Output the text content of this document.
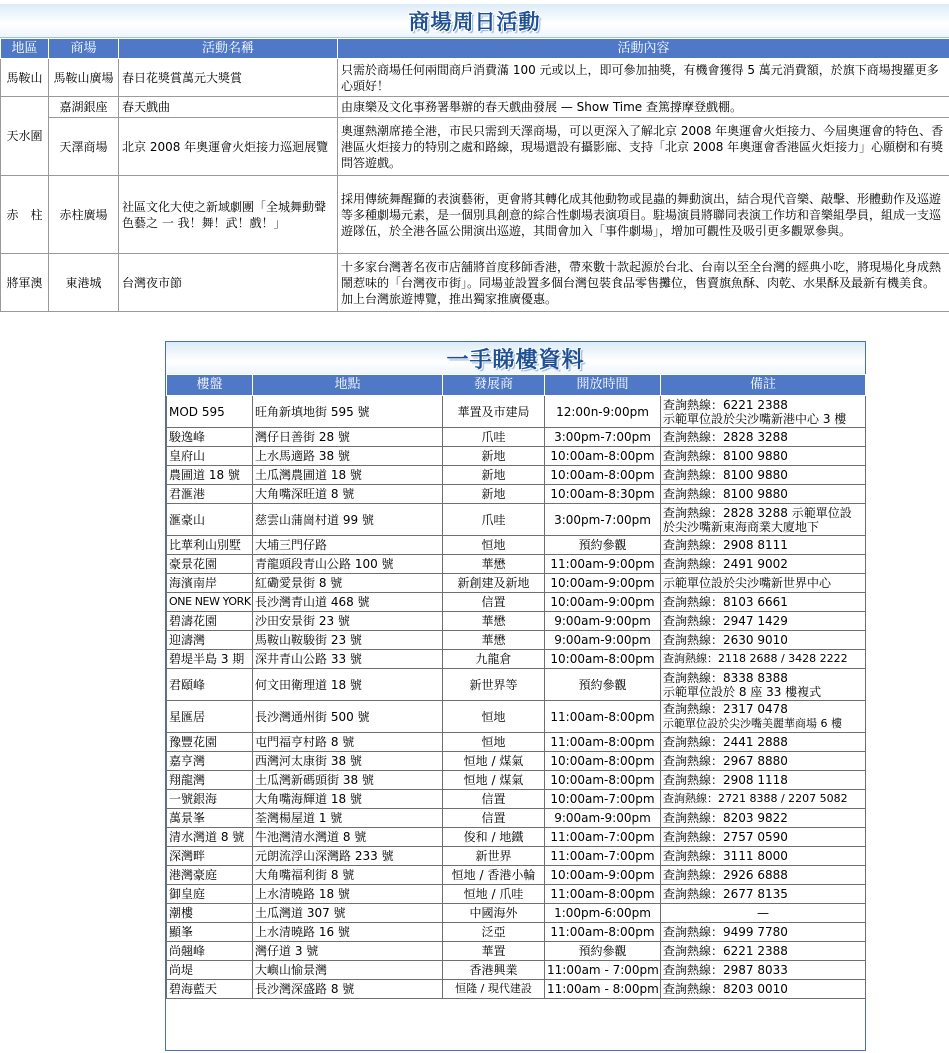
商場周日活動
地區	商場	活動名稱	活動內容
馬鞍山	馬鞍山廣場	春日花獎賞萬元大獎賞	只需於商場任何兩間商戶消費滿 100 元或以上，即可參加抽獎，有機會獲得 5 萬元消費額，於旗下商場搜羅更多心頭好！
天水圍	嘉湖銀座	春天戲曲	由康樂及文化事務署舉辦的春天戲曲發展 — Show Time 查篤撐摩登戲棚。
	天澤商場	北京 2008 年奧運會火炬接力巡迴展覽	奧運熱潮席捲全港，市民只需到天澤商場，可以更深入了解北京 2008 年奧運會火炬接力、今屆奧運會的特色、香港區火炬接力的特別之處和路線，現場還設有攝影廊、支持「北京 2008 年奧運會香港區火炬接力」心願樹和有獎問答遊戲。
赤　柱	赤柱廣場	社區文化大使之新域劇團「全城舞動聲色藝之 一 我！舞！武！戲！」	採用傳統舞醒獅的表演藝術，更會將其轉化成其他動物或昆蟲的舞動演出，結合現代音樂、敲擊、形體動作及巡遊等多種劇場元素，是一個別具創意的綜合性劇場表演項目。駐場演員將聯同表演工作坊和音樂組學員，組成一支巡遊隊伍，於全港各區公開演出巡遊，其間會加入「事件劇場」，增加可觀性及吸引更多觀眾參與。
將軍澳	東港城	台灣夜市節	十多家台灣著名夜市店舖將首度移師香港，帶來數十款起源於台北、台南以至全台灣的經典小吃，將現場化身成熱鬧惹味的「台灣夜市街」。同場並設置多個台灣包裝食品零售攤位，售賣旗魚酥、肉乾、水果酥及最新有機美食。加上台灣旅遊博覽，推出獨家推廣優惠。
一手睇樓資料
樓盤	地點	發展商	開放時間	備註
MOD 595	旺角新填地街 595 號	華置及市建局	12:00n-9:00pm	查詢熱線：6221 2388
示範單位設於尖沙嘴新港中心 3 樓
駿逸峰	灣仔日善街 28 號	爪哇	3:00pm-7:00pm	查詢熱線：2828 3288
皇府山	上水馬適路 38 號	新地	10:00am-8:00pm	查詢熱線：8100 9880
農圃道 18 號	土瓜灣農圃道 18 號	新地	10:00am-8:00pm	查詢熱線：8100 9880
君滙港	大角嘴深旺道 8 號	新地	10:00am-8:30pm	查詢熱線：8100 9880
滙豪山	慈雲山蒲崗村道 99 號	爪哇	3:00pm-7:00pm	查詢熱線：2828 3288 示範單位設
於尖沙嘴新東海商業大廈地下
比華利山別墅	大埔三門仔路	恒地	預約參觀	查詢熱線：2908 8111
豪景花園	青龍頭段青山公路 100 號	華懋	11:00am-9:00pm	查詢熱線：2491 9002
海濱南岸	紅磡愛景街 8 號	新創建及新地	10:00am-9:00pm	示範單位設於尖沙嘴新世界中心
ONE NEW YORK	長沙灣青山道 468 號	信置	10:00am-9:00pm	查詢熱線：8103 6661
碧濤花園	沙田安景街 23 號	華懋	9:00am-9:00pm	查詢熱線：2947 1429
迎濤灣	馬鞍山鞍駿街 23 號	華懋	9:00am-9:00pm	查詢熱線：2630 9010
碧堤半島 3 期	深井青山公路 33 號	九龍倉	10:00am-8:00pm	查詢熱線：2118 2688 / 3428 2222
君頤峰	何文田衛理道 18 號	新世界等	預約參觀	查詢熱線：8338 8388
示範單位設於 8 座 33 樓複式
星匯居	長沙灣通州街 500 號	恒地	11:00am-8:00pm	查詢熱線：2317 0478
示範單位設於尖沙嘴美麗華商場 6 樓
豫豐花園	屯門福亨村路 8 號	恒地	11:00am-8:00pm	查詢熱線：2441 2888
嘉亨灣	西灣河太康街 38 號	恒地 / 煤氣	10:00am-8:00pm	查詢熱線：2967 8880
翔龍灣	土瓜灣新碼頭街 38 號	恒地 / 煤氣	10:00am-8:00pm	查詢熱線：2908 1118
一號銀海	大角嘴海輝道 18 號	信置	10:00am-7:00pm	查詢熱線：2721 8388 / 2207 5082
萬景峯	荃灣楊屋道 1 號	信置	9:00am-9:00pm	查詢熱線：8203 9822
清水灣道 8 號	牛池灣清水灣道 8 號	俊和 / 地鐵	11:00am-7:00pm	查詢熱線：2757 0590
深灣畔	元朗流浮山深灣路 233 號	新世界	11:00am-7:00pm	查詢熱線：3111 8000
港灣豪庭	大角嘴福利街 8 號	恒地 / 香港小輪	10:00am-9:00pm	查詢熱線：2926 6888
御皇庭	上水清曉路 18 號	恒地 / 爪哇	11:00am-8:00pm	查詢熱線：2677 8135
潮樓	土瓜灣道 307 號	中國海外	1:00pm-6:00pm	—
顯峯	上水清曉路 16 號	泛亞	11:00am-8:00pm	查詢熱線：9499 7780
尚翹峰	灣仔道 3 號	華置	預約參觀	查詢熱線：6221 2388
尚堤	大嶼山愉景灣	香港興業	11:00am - 7:00pm	查詢熱線：2987 8033
碧海藍天	長沙灣深盛路 8 號	恒隆 / 現代建設	11:00am - 8:00pm	查詢熱線：8203 0010
